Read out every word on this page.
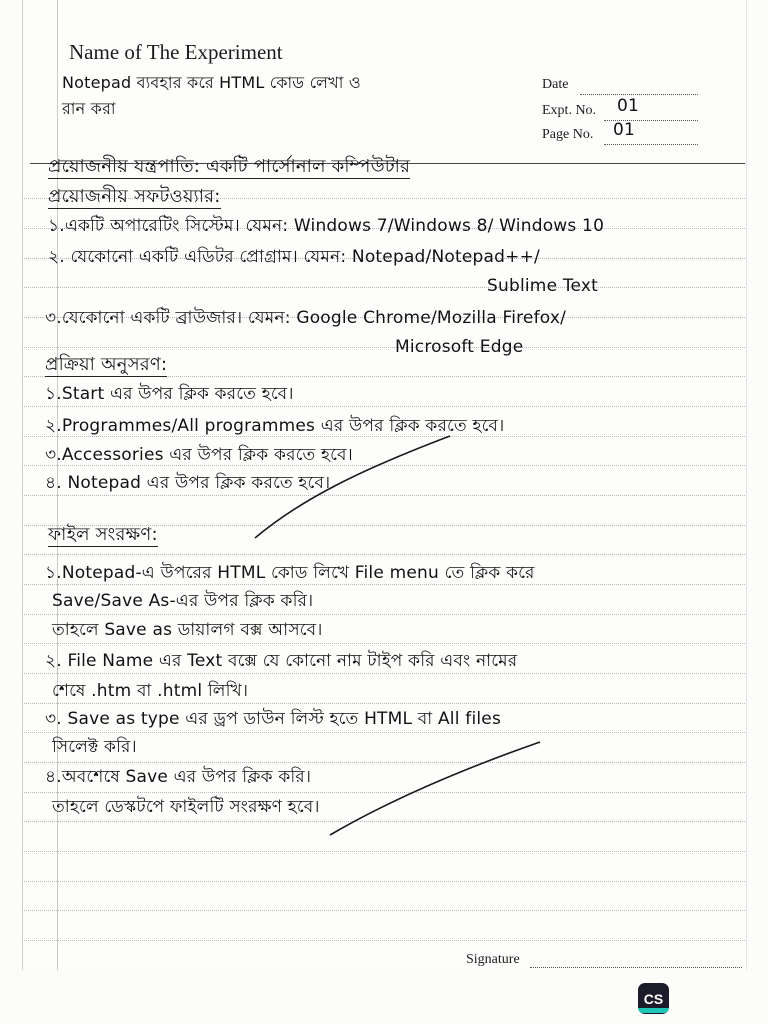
Name of The Experiment
Date
Expt. No. 01
Page No. 01
Notepad ব্যবহার করে HTML কোড লেখা ও
রান করা
প্রয়োজনীয় যন্ত্রপাতি: একটি পার্সোনাল কম্পিউটার
প্রয়োজনীয় সফটওয়্যার:
১.একটি অপারেটিং সিস্টেম। যেমন: Windows 7/Windows 8/ Windows 10
২. যেকোনো একটি এডিটর প্রোগ্রাম। যেমন: Notepad/Notepad++/
Sublime Text
৩.যেকোনো একটি ব্রাউজার। যেমন: Google Chrome/Mozilla Firefox/
Microsoft Edge
প্রক্রিয়া অনুসরণ:
১.Start এর উপর ক্লিক করতে হবে।
২.Programmes/All programmes এর উপর ক্লিক করতে হবে।
৩.Accessories এর উপর ক্লিক করতে হবে।
৪. Notepad এর উপর ক্লিক করতে হবে।
ফাইল সংরক্ষণ:
১.Notepad-এ উপরের HTML কোড লিখে File menu তে ক্লিক করে
Save/Save As-এর উপর ক্লিক করি।
তাহলে Save as ডায়ালগ বক্স আসবে।
২. File Name এর Text বক্সে যে কোনো নাম টাইপ করি এবং নামের
শেষে .htm বা .html লিখি।
৩. Save as type এর ড্রপ ডাউন লিস্ট হতে HTML বা All files
সিলেক্ট করি।
৪.অবশেষে Save এর উপর ক্লিক করি।
তাহলে ডেস্কটপে ফাইলটি সংরক্ষণ হবে।
Signature
CS
